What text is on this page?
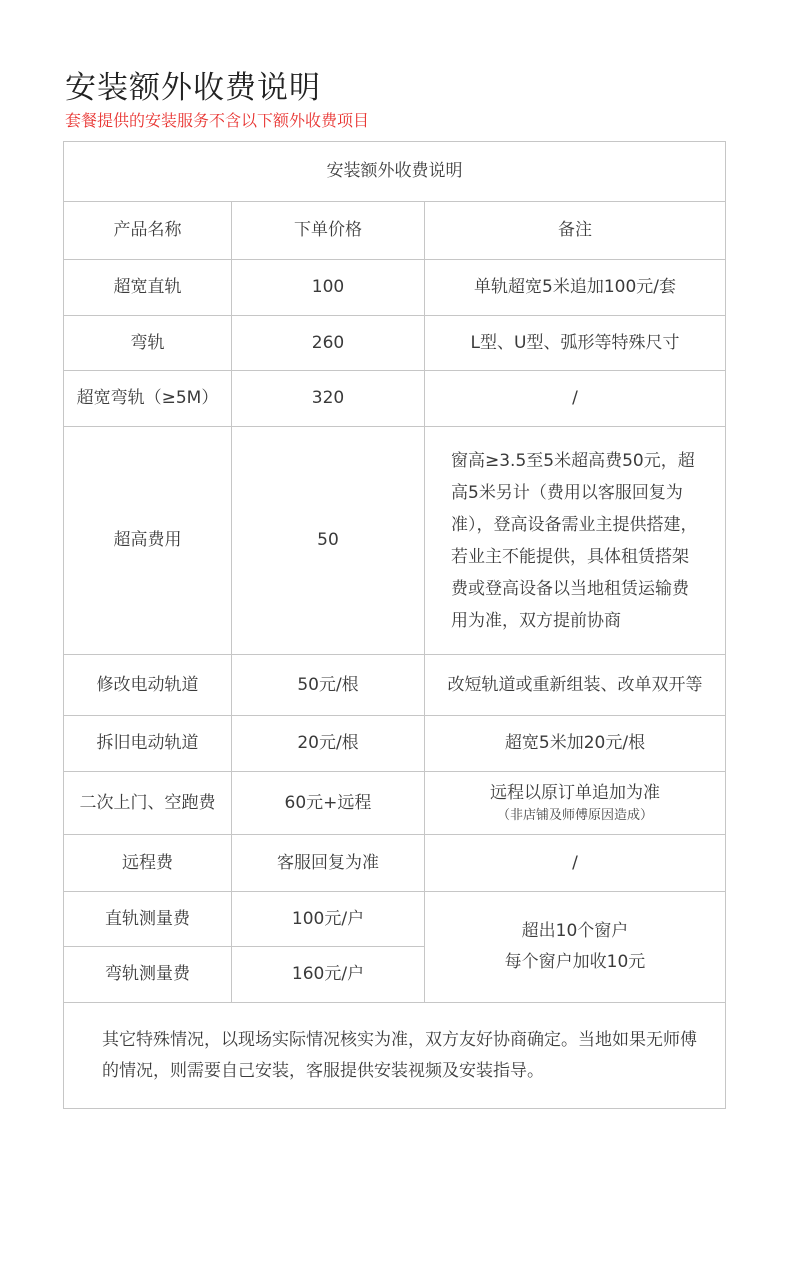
安装额外收费说明
套餐提供的安装服务不含以下额外收费项目
安装额外收费说明		
产品名称	下单价格	备注
超宽直轨	100	单轨超宽5米追加100元/套
弯轨	260	L型、U型、弧形等特殊尺寸
超宽弯轨（≥5M）	320	/
超高费用	50	窗高≥3.5至5米超高费50元，超高5米另计（费用以客服回复为准），登高设备需业主提供搭建，若业主不能提供，具体租赁搭架费或登高设备以当地租赁运输费用为准，双方提前协商
修改电动轨道	50元/根	改短轨道或重新组装、改单双开等
拆旧电动轨道	20元/根	超宽5米加20元/根
二次上门、空跑费	60元+远程	远程以原订单追加为准
（非店铺及师傅原因造成）

远程费	客服回复为准	/
直轨测量费	100元/户	超出10个窗户
每个窗户加收10元

弯轨测量费	160元/户	
其它特殊情况，以现场实际情况核实为准，双方友好协商确定。当地如果无师傅的情况，则需要自己安装，客服提供安装视频及安装指导。		
